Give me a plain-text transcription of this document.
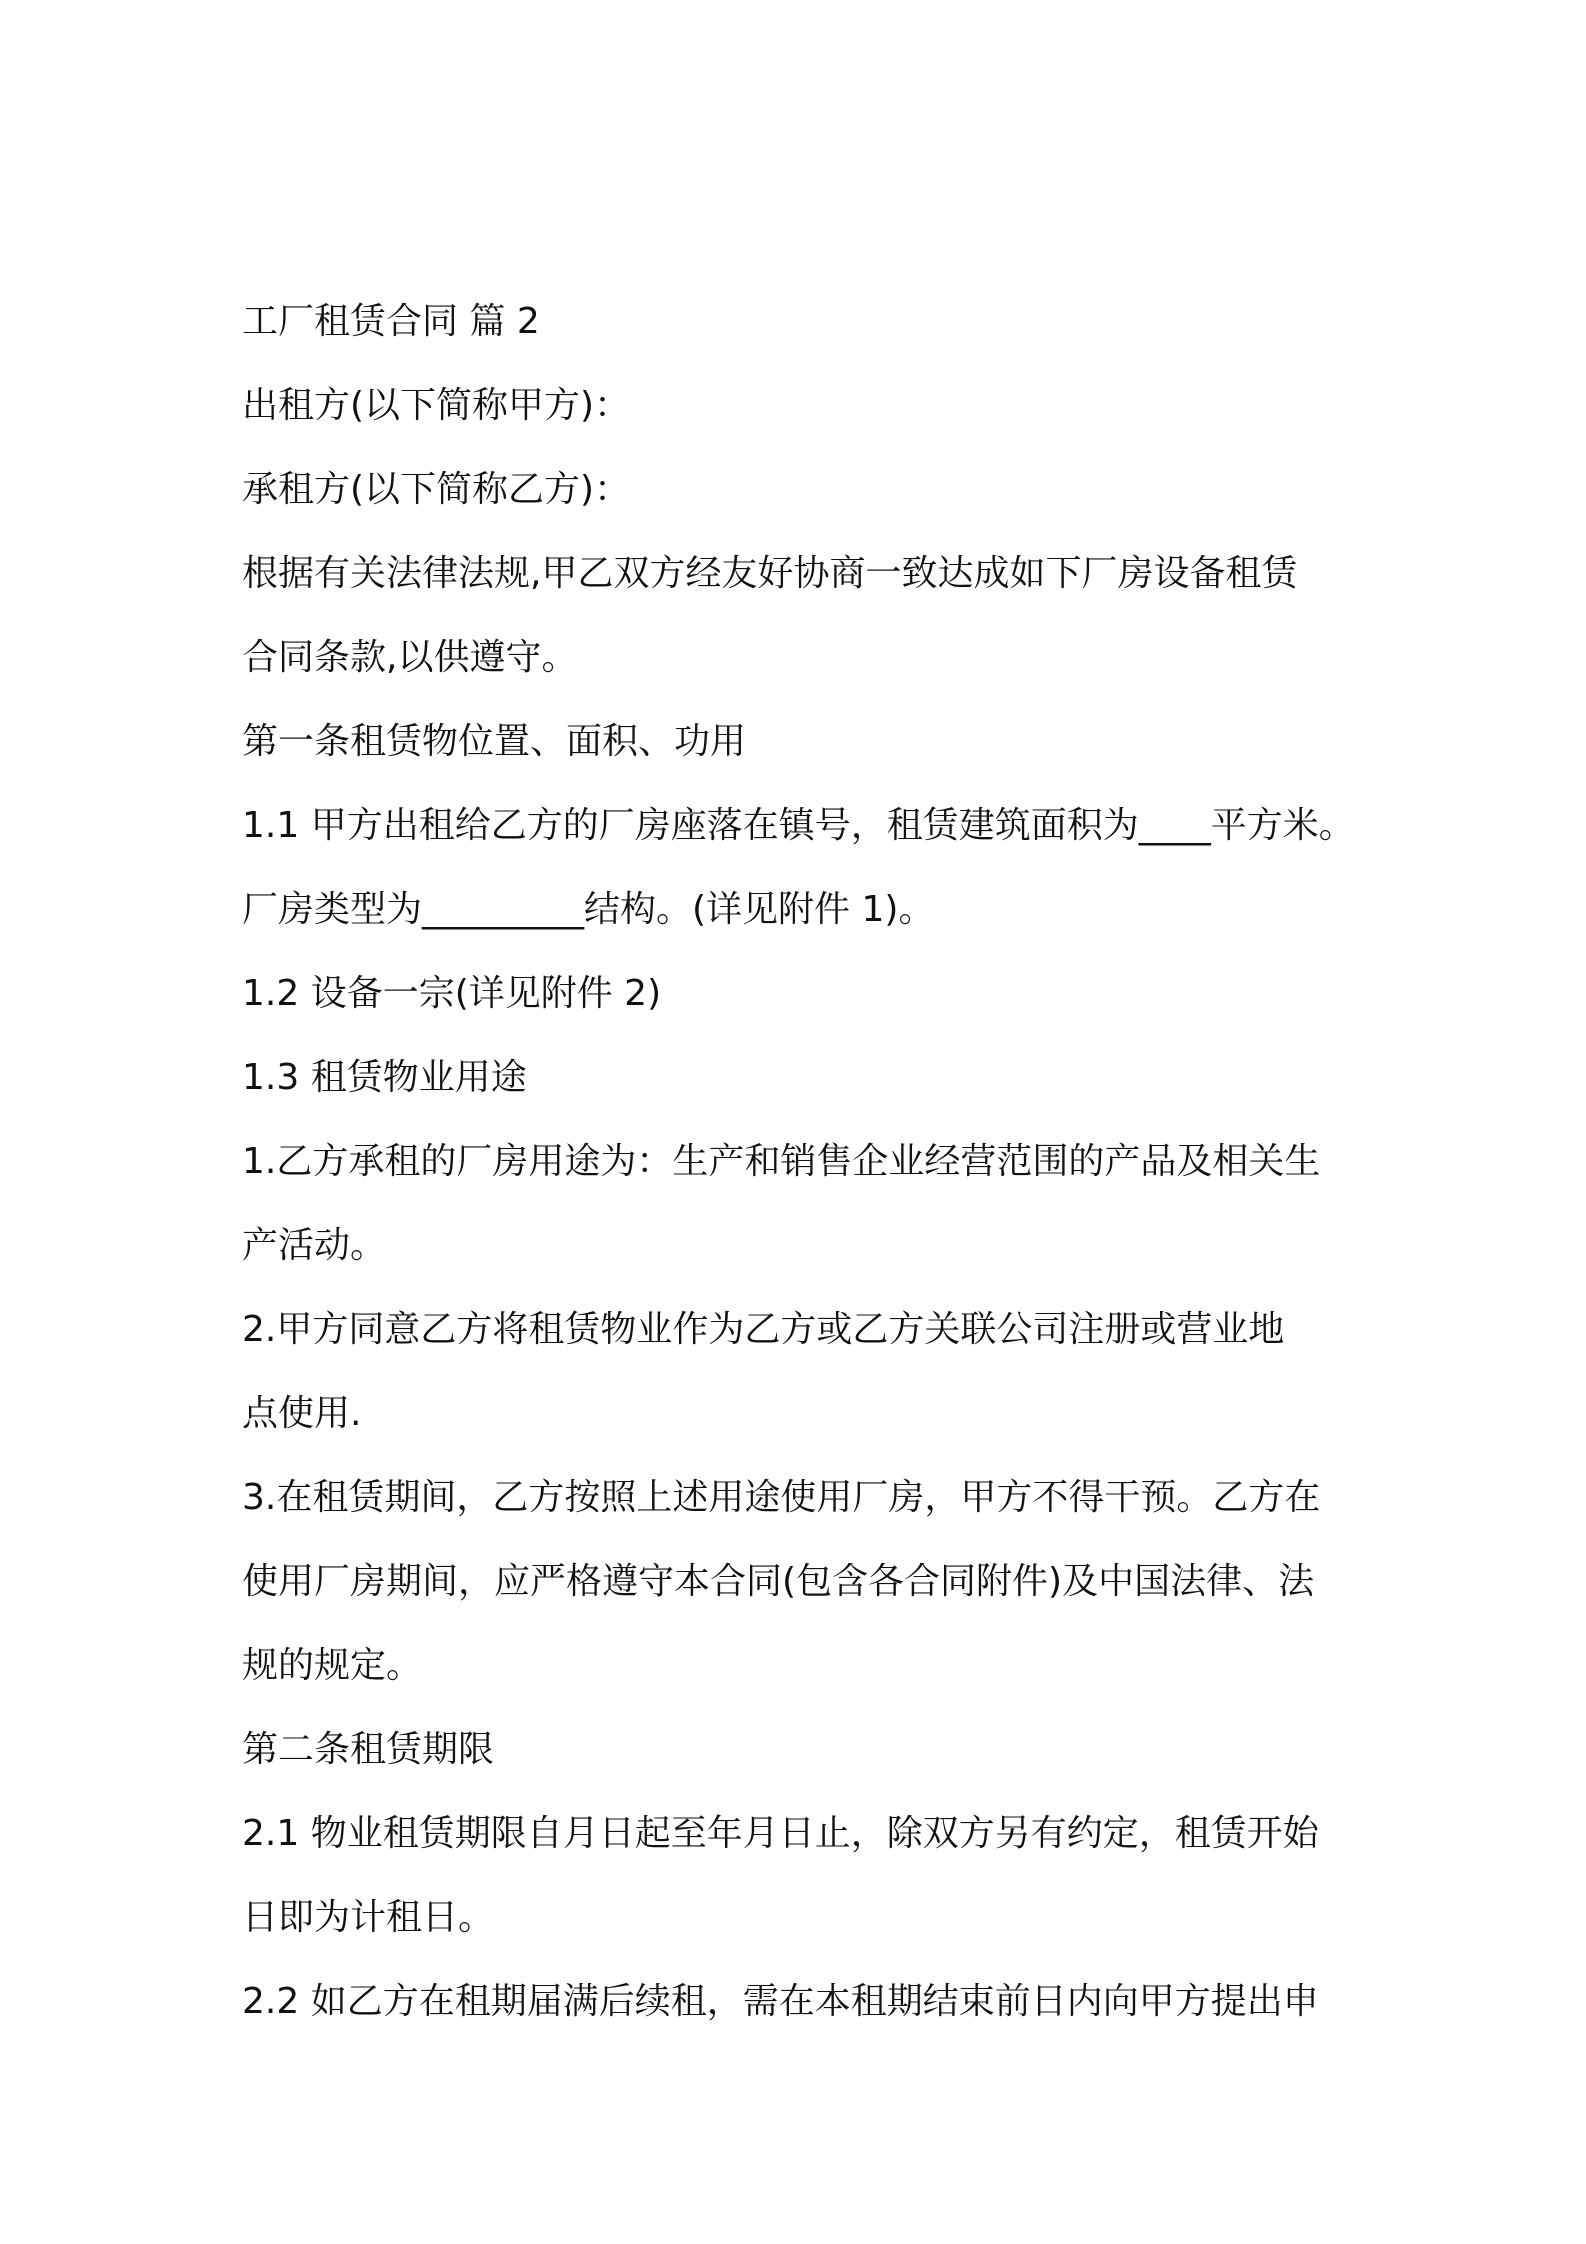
工厂租赁合同 篇 2
出租方(以下简称甲方)：
承租方(以下简称乙方)：
根据有关法律法规,甲乙双方经友好协商一致达成如下厂房设备租赁
合同条款,以供遵守。
第一条租赁物位置、面积、功用
1.1 甲方出租给乙方的厂房座落在镇号，租赁建筑面积为____平方米。
厂房类型为_________结构。(详见附件 1)。
1.2 设备一宗(详见附件 2)
1.3 租赁物业用途
1.乙方承租的厂房用途为：生产和销售企业经营范围的产品及相关生
产活动。
2.甲方同意乙方将租赁物业作为乙方或乙方关联公司注册或营业地
点使用.
3.在租赁期间，乙方按照上述用途使用厂房，甲方不得干预。乙方在
使用厂房期间，应严格遵守本合同(包含各合同附件)及中国法律、法
规的规定。
第二条租赁期限
2.1 物业租赁期限自月日起至年月日止，除双方另有约定，租赁开始
日即为计租日。
2.2 如乙方在租期届满后续租，需在本租期结束前日内向甲方提出申
